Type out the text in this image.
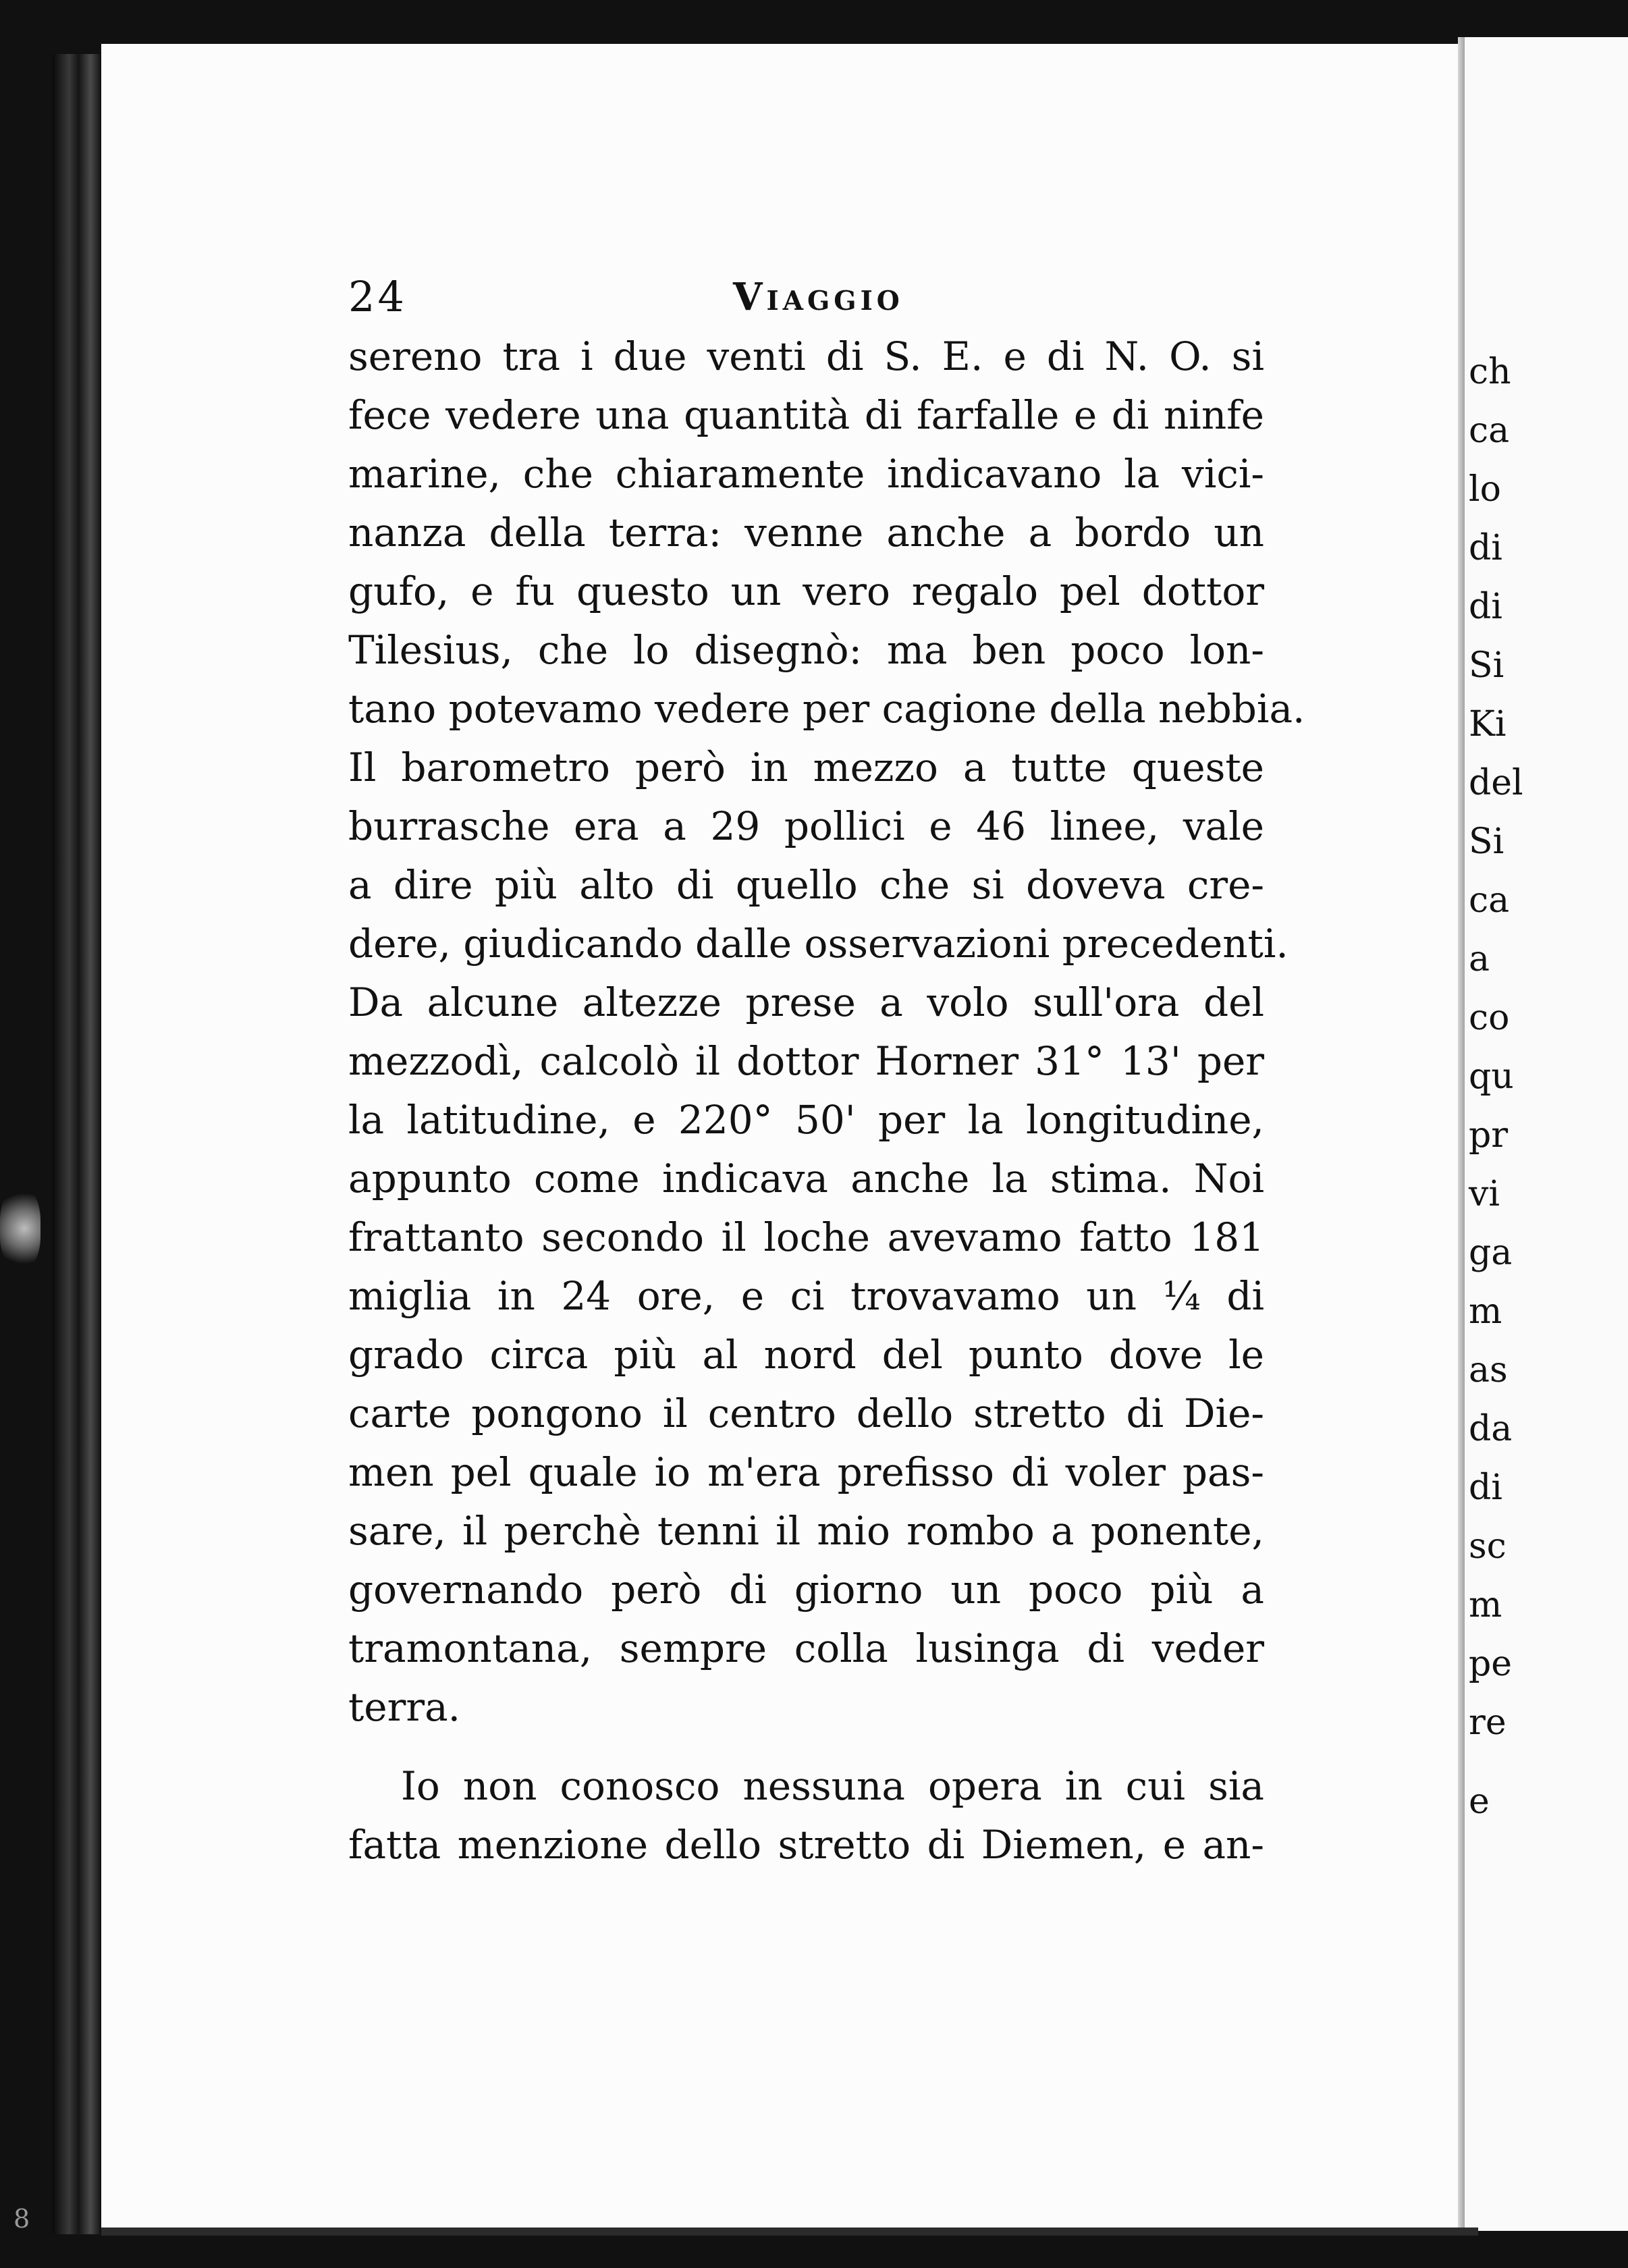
24	Viaggio
sereno tra i due venti di S. E. e di N. O. si
fece vedere una quantità di farfalle e di ninfe
marine, che chiaramente indicavano la vici-
nanza della terra: venne anche a bordo un
gufo, e fu questo un vero regalo pel dottor
Tilesius, che lo disegnò: ma ben poco lon-
tano potevamo vedere per cagione della nebbia.
Il barometro però in mezzo a tutte queste
burrasche era a 29 pollici e 46 linee, vale
a dire più alto di quello che si doveva cre-
dere, giudicando dalle osservazioni precedenti.
Da alcune altezze prese a volo sull'ora del
mezzodì, calcolò il dottor Horner 31° 13' per
la latitudine, e 220° 50' per la longitudine,
appunto come indicava anche la stima. Noi
frattanto secondo il loche avevamo fatto 181
miglia in 24 ore, e ci trovavamo un ¼ di
grado circa più al nord del punto dove le
carte pongono il centro dello stretto di Die-
men pel quale io m'era prefisso di voler pas-
sare, il perchè tenni il mio rombo a ponente,
governando però di giorno un poco più a
tramontana, sempre colla lusinga di veder
terra.
Io non conosco nessuna opera in cui sia
fatta menzione dello stretto di Diemen, e an-
ch
ca
lo
di
di
Si
Ki
del
Si
ca
a
co
qu
pr
vi
ga
m
as
da
di
sc
m
pe
re
e
8
